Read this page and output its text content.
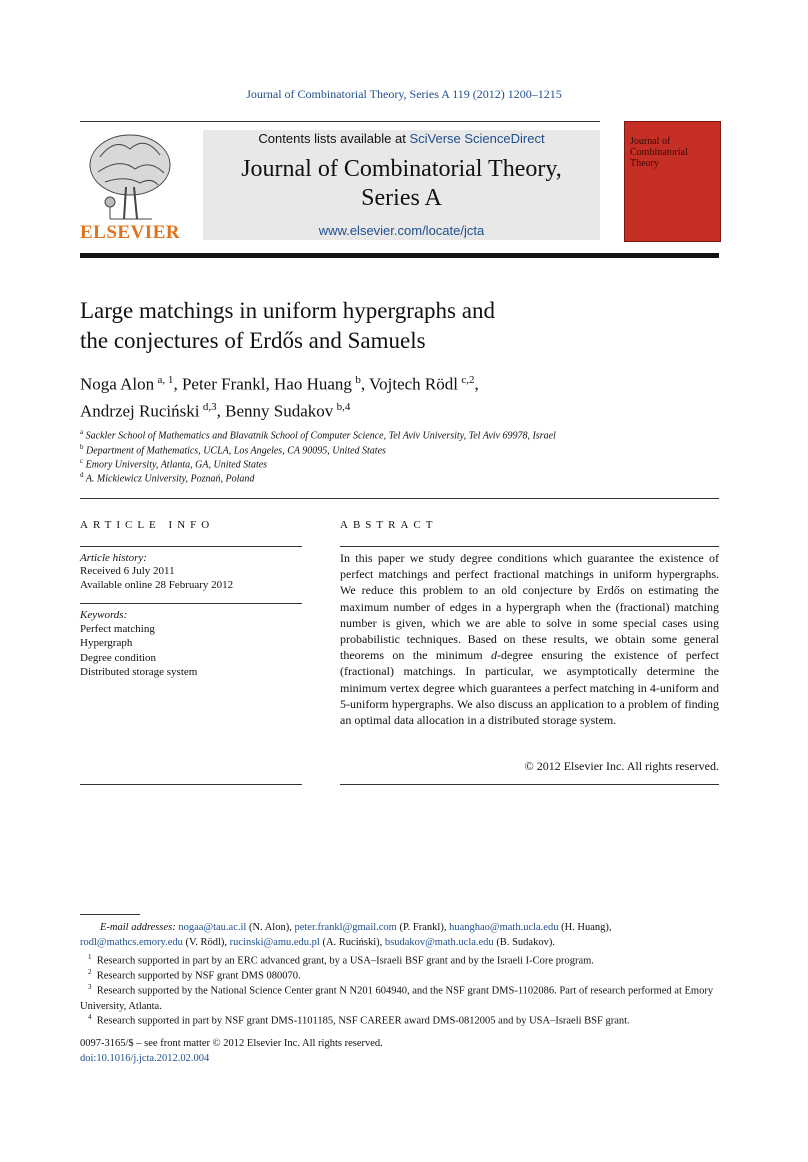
Journal of Combinatorial Theory, Series A 119 (2012) 1200–1215
ELSEVIER
Contents lists available at SciVerse ScienceDirect
Journal of Combinatorial Theory,
Series A
www.elsevier.com/locate/jcta
Journal of
Combinatorial
Theory
Large matchings in uniform hypergraphs and
the conjectures of Erdős and Samuels
Noga Alon  $^{a, 1}$, Peter Frankl, Hao Huang  $^b$, Vojtech Rödl  $^{c,2}$,
Andrzej Ruciński  $^{d,3}$, Benny Sudakov  $^{b,4}$
$^a$ Sackler School of Mathematics and Blavatnik School of Computer Science, Tel Aviv University, Tel Aviv 69978, Israel
$^b$ Department of Mathematics, UCLA, Los Angeles, CA 90095, United States
$^c$ Emory University, Atlanta, GA, United States
$^d$ A. Mickiewicz University, Poznań, Poland
ARTICLE INFO	ABSTRACT
Article history:
Received 6 July 2011
Available online 28 February 2012
Keywords:
Perfect matching
Hypergraph
Degree condition
Distributed storage system
In this paper we study degree conditions which guarantee the existence of perfect matchings and perfect fractional matchings in uniform hypergraphs. We reduce this problem to an old conjecture by Erdős on estimating the maximum number of edges in a hypergraph when the (fractional) matching number is given, which we are able to solve in some special cases using probabilistic techniques. Based on these results, we obtain some general theorems on the minimum d-degree ensuring the existence of perfect (fractional) matchings. In particular, we asymptotically determine the minimum vertex degree which guarantees a perfect matching in 4-uniform and 5-uniform hypergraphs. We also discuss an application to a problem of finding an optimal data allocation in a distributed storage system.
© 2012 Elsevier Inc. All rights reserved.
E-mail addresses: nogaa@tau.ac.il (N. Alon), peter.frankl@gmail.com (P. Frankl), huanghao@math.ucla.edu (H. Huang),
rodl@mathcs.emory.edu (V. Rödl), rucinski@amu.edu.pl (A. Ruciński), bsudakov@math.ucla.edu (B. Sudakov).
$^1$ Research supported in part by an ERC advanced grant, by a USA–Israeli BSF grant and by the Israeli I-Core program.
$^2$ Research supported by NSF grant DMS 080070.
$^3$ Research supported by the National Science Center grant N N201 604940, and the NSF grant DMS-1102086. Part of research performed at Emory University, Atlanta.
$^4$ Research supported in part by NSF grant DMS-1101185, NSF CAREER award DMS-0812005 and by USA–Israeli BSF grant.
0097-3165/$ – see front matter © 2012 Elsevier Inc. All rights reserved.
doi:10.1016/j.jcta.2012.02.004
